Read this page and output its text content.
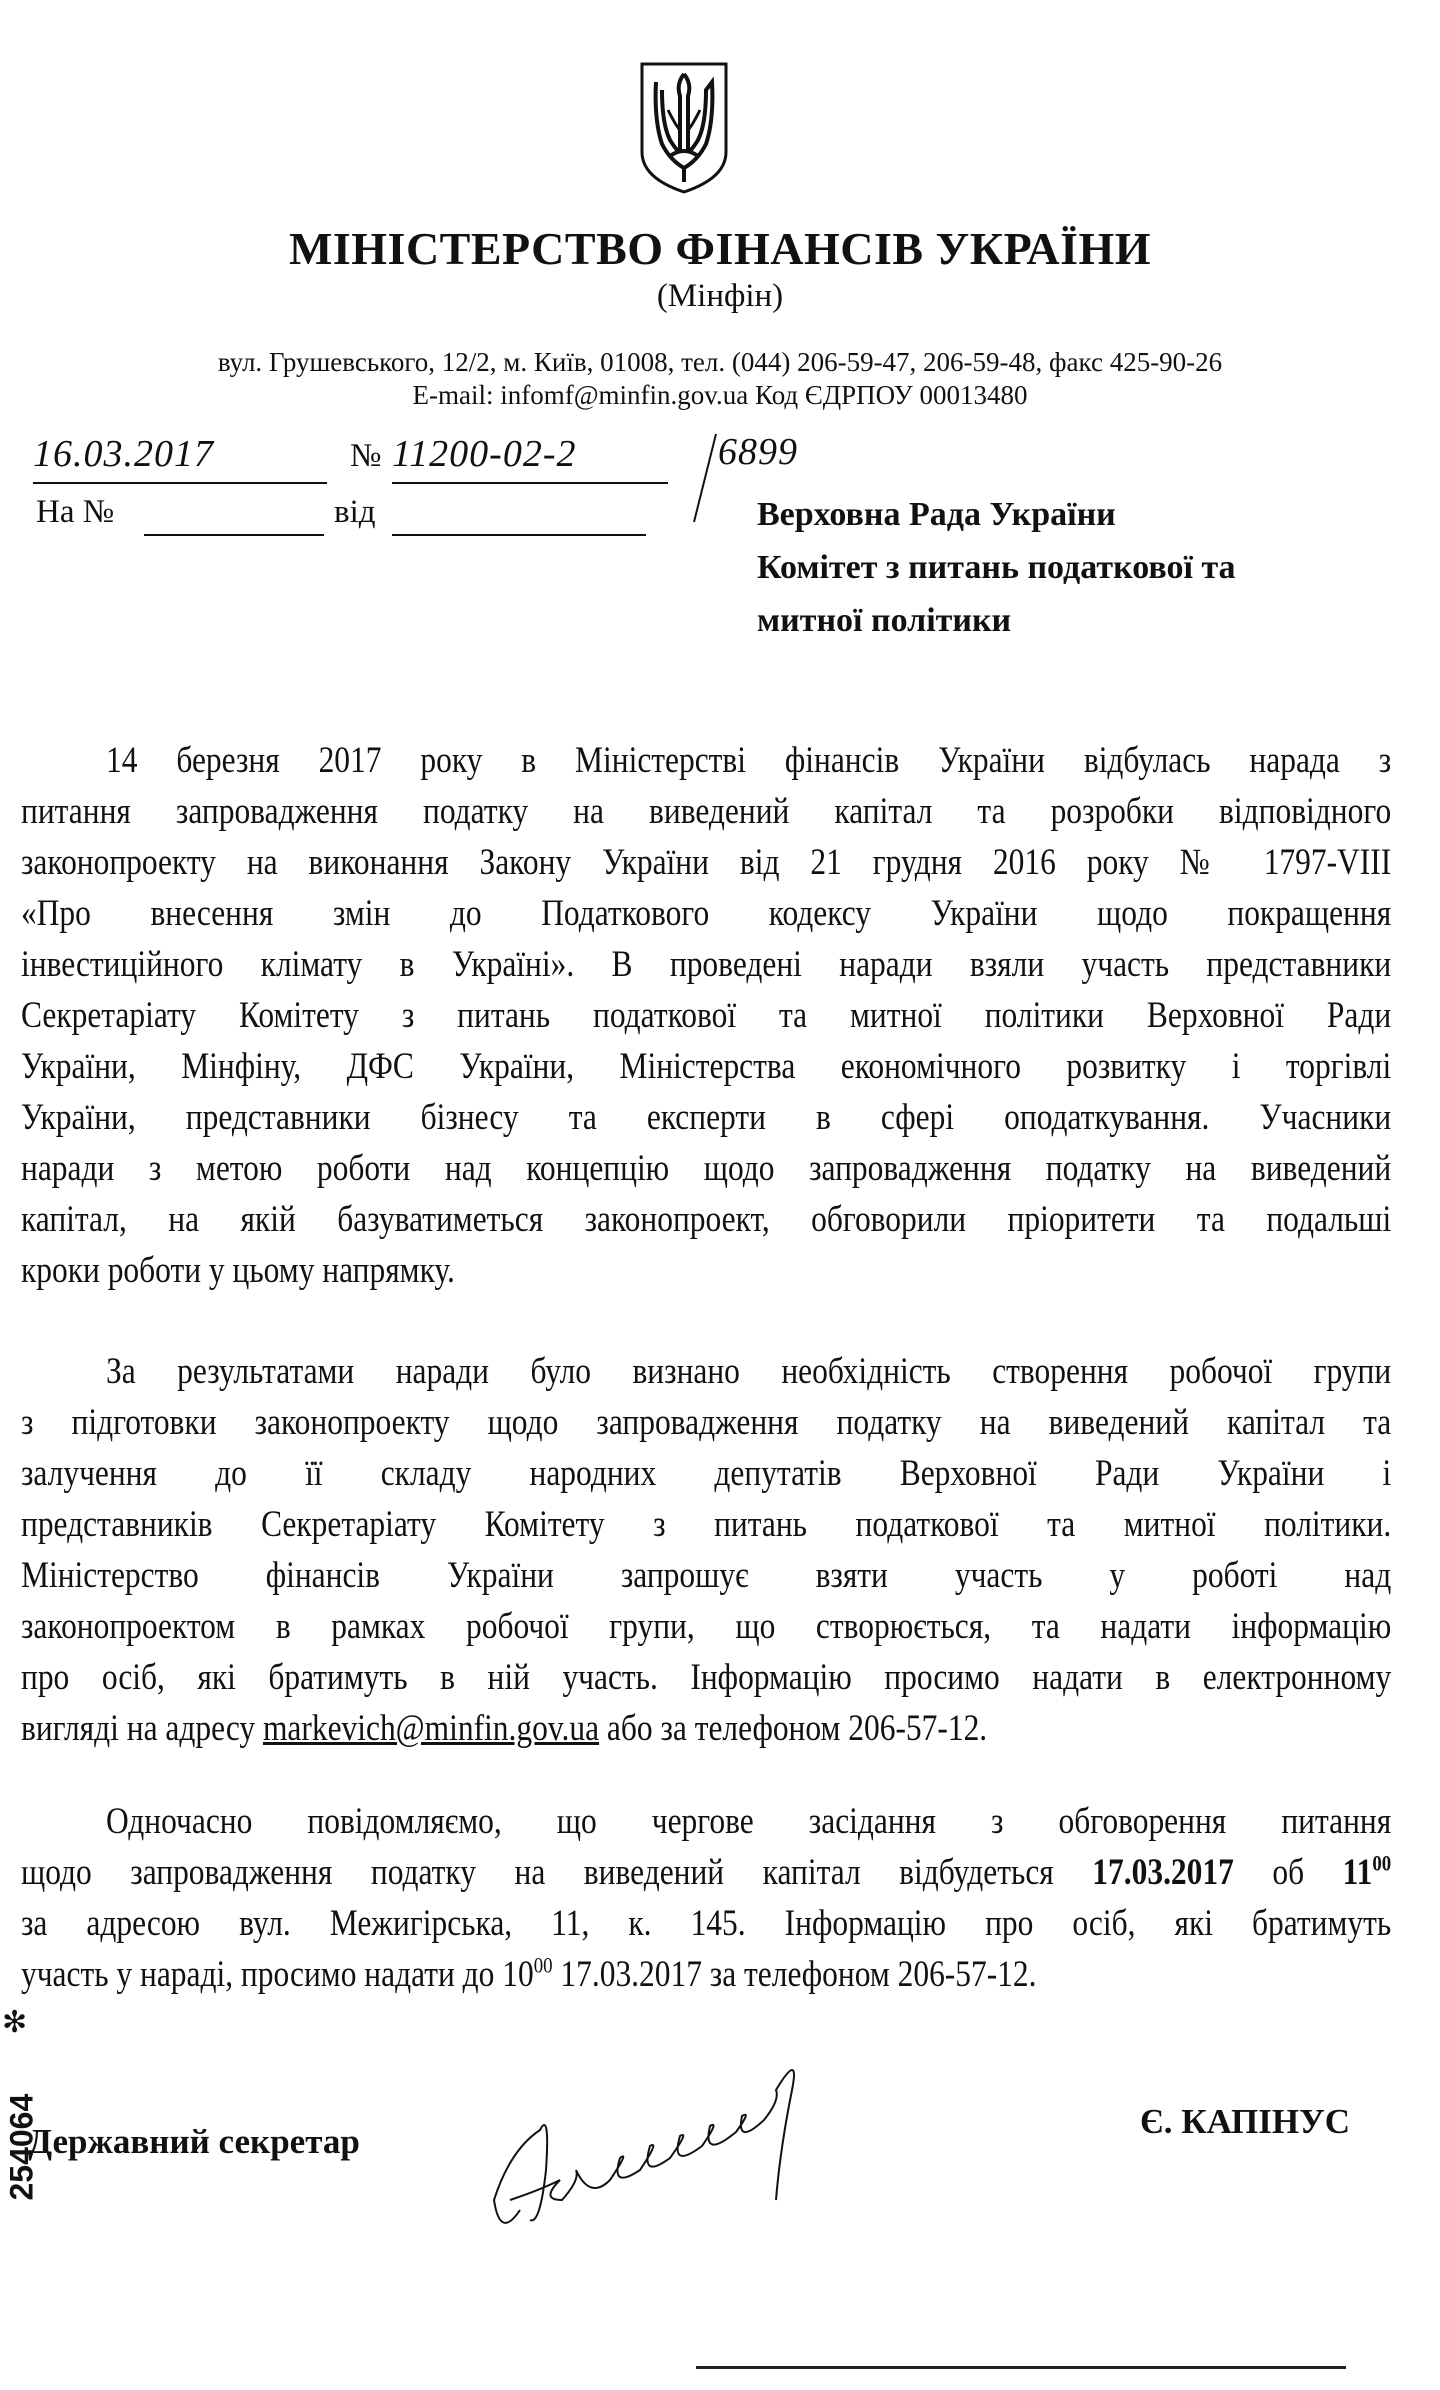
МІНІСТЕРСТВО ФІНАНСІВ УКРАЇНИ
(Мінфін)
вул. Грушевського, 12/2, м. Київ, 01008, тел. (044) 206-59-47, 206-59-48, факс 425-90-26
E-mail: infomf@minfin.gov.ua Код ЄДРПОУ 00013480
16.03.2017	№ 11200-02-2	6899
На №	від	Верховна Рада України
Комітет з питань податкової та
митної політики
14 березня 2017 року в Міністерстві фінансів України відбулась нарада з
питання запровадження податку на виведений капітал та розробки відповідного
законопроекту на виконання Закону України від 21 грудня 2016 року № 1797-VIII
«Про внесення змін до Податкового кодексу України щодо покращення
інвестиційного клімату в Україні». В проведені наради взяли участь представники
Секретаріату Комітету з питань податкової та митної політики Верховної Ради
України, Мінфіну, ДФС України, Міністерства економічного розвитку і торгівлі
України, представники бізнесу та експерти в сфері оподаткування. Учасники
наради з метою роботи над концепцію щодо запровадження податку на виведений
капітал, на якій базуватиметься законопроект, обговорили пріоритети та подальші
кроки роботи у цьому напрямку.
За результатами наради було визнано необхідність створення робочої групи
з підготовки законопроекту щодо запровадження податку на виведений капітал та
залучення до її складу народних депутатів Верховної Ради України і
представників Секретаріату Комітету з питань податкової та митної політики.
Міністерство фінансів України запрошує взяти участь у роботі над
законопроектом в рамках робочої групи, що створюється, та надати інформацію
про осіб, які братимуть в ній участь. Інформацію просимо надати в електронному
вигляді на адресу markevich@minfin.gov.ua або за телефоном 206-57-12.
Одночасно повідомляємо, що чергове засідання з обговорення питання
щодо запровадження податку на виведений капітал відбудеться 17.03.2017 об $11^{00}$
за адресою вул. Межигірська, 11, к. 145. Інформацію про осіб, які братимуть
участь у нараді, просимо надати до $10^{00}$ 17.03.2017 за телефоном 206-57-12.
254064
✻
Державний секретар
Є. КАПІНУС
